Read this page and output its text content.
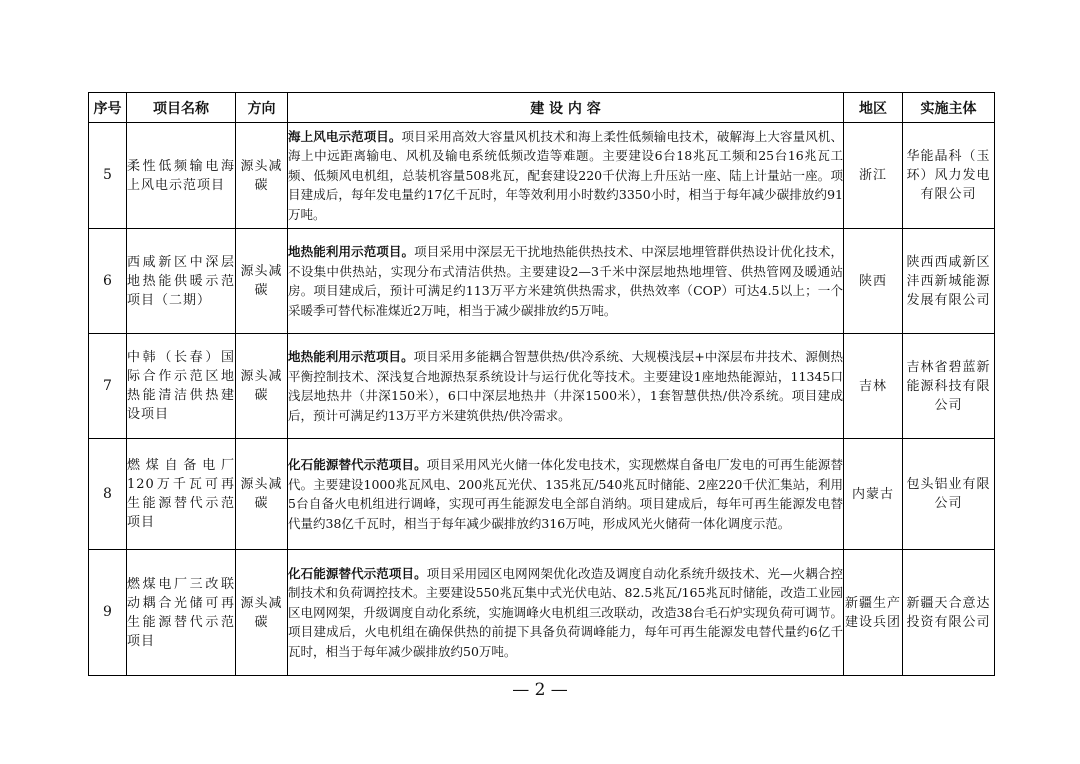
序号	项目名称	方向	建 设 内 容	地区	实施主体
5	柔性低频输电海上风电示范项目	源头减碳	海上风电示范项目。项目采用高效大容量风机技术和海上柔性低频输电技术，破解海上大容量风机、海上中远距离输电、风机及输电系统低频改造等难题。主要建设6台18兆瓦工频和25台16兆瓦工频、低频风电机组，总装机容量508兆瓦，配套建设220千伏海上升压站一座、陆上计量站一座。项目建成后，每年发电量约17亿千瓦时，年等效利用小时数约3350小时，相当于每年减少碳排放约91万吨。	浙江	华能晶科（玉环）风力发电有限公司
6	西咸新区中深层地热能供暖示范项目（二期）	源头减碳	地热能利用示范项目。项目采用中深层无干扰地热能供热技术、中深层地埋管群供热设计优化技术，不设集中供热站，实现分布式清洁供热。主要建设2—3千米中深层地热地埋管、供热管网及暖通站房。项目建成后，预计可满足约113万平方米建筑供热需求，供热效率（COP）可达4.5以上；一个采暖季可替代标准煤近2万吨，相当于减少碳排放约5万吨。	陕西	陕西西咸新区沣西新城能源发展有限公司
7	中韩（长春）国际合作示范区地热能清洁供热建设项目	源头减碳	地热能利用示范项目。项目采用多能耦合智慧供热/供冷系统、大规模浅层+中深层布井技术、源侧热平衡控制技术、深浅复合地源热泵系统设计与运行优化等技术。主要建设1座地热能源站，11345口浅层地热井（井深150米），6口中深层地热井（井深1500米），1套智慧供热/供冷系统。项目建成后，预计可满足约13万平方米建筑供热/供冷需求。	吉林	吉林省碧蓝新能源科技有限公司
8	燃煤自备电厂120万千瓦可再生能源替代示范项目	源头减碳	化石能源替代示范项目。项目采用风光火储一体化发电技术，实现燃煤自备电厂发电的可再生能源替代。主要建设1000兆瓦风电、200兆瓦光伏、135兆瓦/540兆瓦时储能、2座220千伏汇集站，利用5台自备火电机组进行调峰，实现可再生能源发电全部自消纳。项目建成后，每年可再生能源发电替代量约38亿千瓦时，相当于每年减少碳排放约316万吨，形成风光火储荷一体化调度示范。	内蒙古	包头铝业有限公司
9	燃煤电厂三改联动耦合光储可再生能源替代示范项目	源头减碳	化石能源替代示范项目。项目采用园区电网网架优化改造及调度自动化系统升级技术、光—火耦合控制技术和负荷调控技术。主要建设550兆瓦集中式光伏电站、82.5兆瓦/165兆瓦时储能，改造工业园区电网网架，升级调度自动化系统，实施调峰火电机组三改联动，改造38台毛石炉实现负荷可调节。项目建成后，火电机组在确保供热的前提下具备负荷调峰能力，每年可再生能源发电替代量约6亿千瓦时，相当于每年减少碳排放约50万吨。	新疆生产建设兵团	新疆天合意达投资有限公司
— 2 —
